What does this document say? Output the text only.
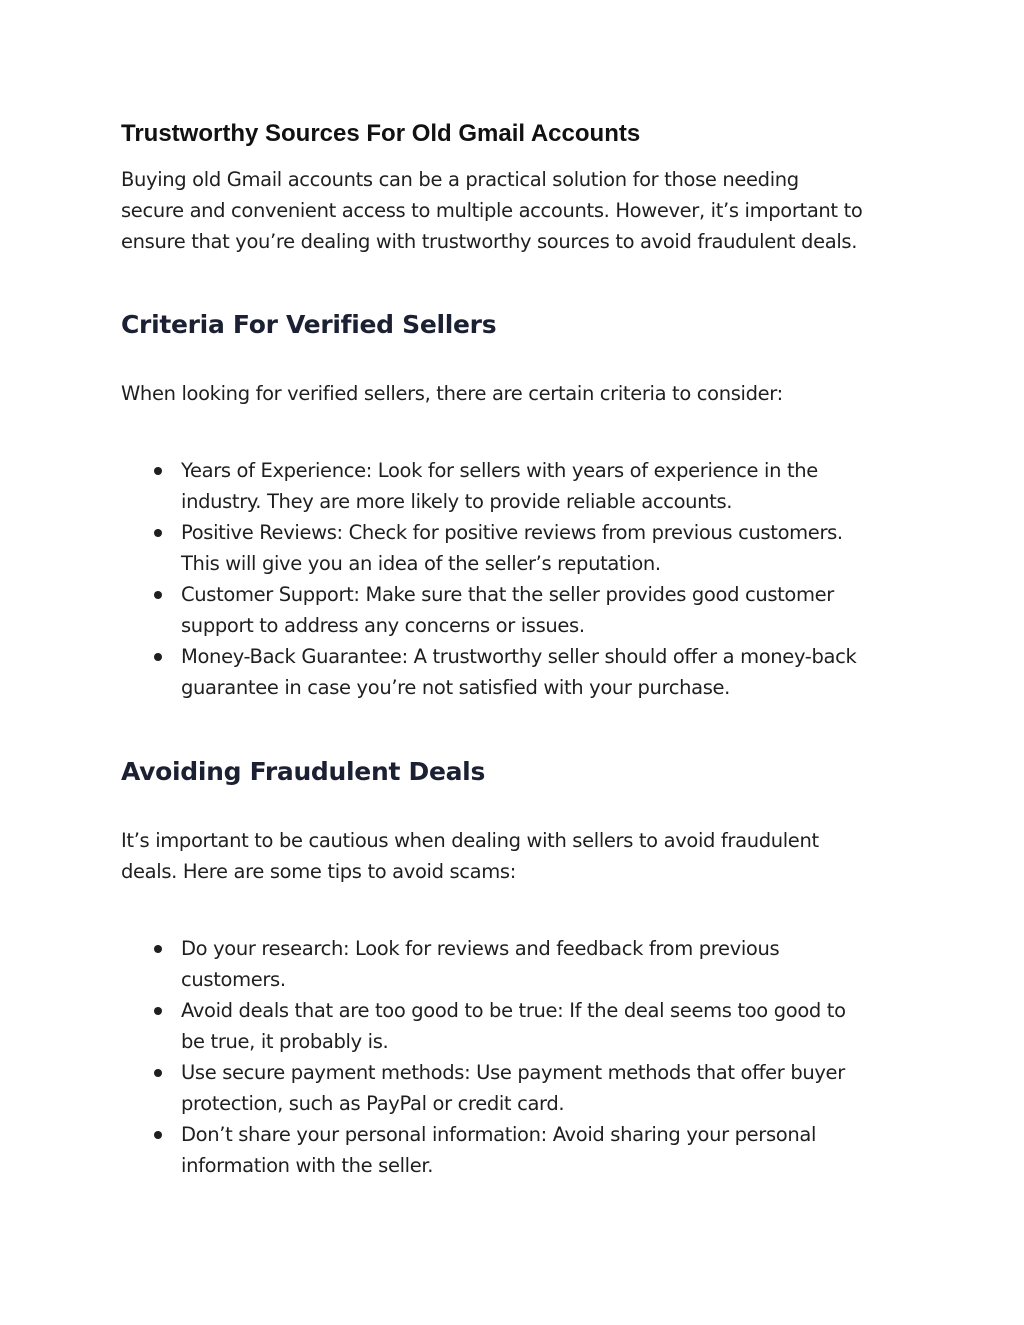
Trustworthy Sources For Old Gmail Accounts

Buying old Gmail accounts can be a practical solution for those needing

secure and convenient access to multiple accounts. However, it’s important to

ensure that you’re dealing with trustworthy sources to avoid fraudulent deals.

Criteria For Verified Sellers

When looking for verified sellers, there are certain criteria to consider:

Years of Experience: Look for sellers with years of experience in the
industry. They are more likely to provide reliable accounts.
Positive Reviews: Check for positive reviews from previous customers.
This will give you an idea of the seller’s reputation.
Customer Support: Make sure that the seller provides good customer
support to address any concerns or issues.
Money-Back Guarantee: A trustworthy seller should offer a money-back
guarantee in case you’re not satisfied with your purchase.
Avoiding Fraudulent Deals

It’s important to be cautious when dealing with sellers to avoid fraudulent

deals. Here are some tips to avoid scams:

Do your research: Look for reviews and feedback from previous
customers.
Avoid deals that are too good to be true: If the deal seems too good to
be true, it probably is.
Use secure payment methods: Use payment methods that offer buyer
protection, such as PayPal or credit card.
Don’t share your personal information: Avoid sharing your personal
information with the seller.
